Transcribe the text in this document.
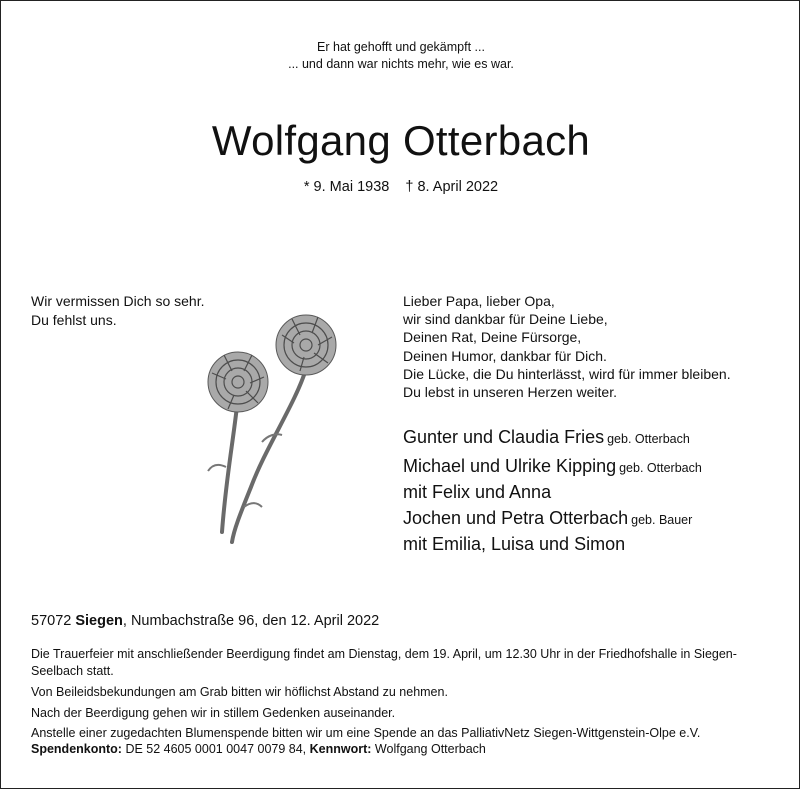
Er hat gehofft und gekämpft ...
... und dann war nichts mehr, wie es war.
Wolfgang Otterbach
* 9. Mai 1938 † 8. April 2022
Wir vermissen Dich so sehr.
Du fehlst uns.
Lieber Papa, lieber Opa,
wir sind dankbar für Deine Liebe,
Deinen Rat, Deine Fürsorge,
Deinen Humor, dankbar für Dich.
Die Lücke, die Du hinterlässt, wird für immer bleiben.
Du lebst in unseren Herzen weiter.
Gunter und Claudia Fries geb. Otterbach
Michael und Ulrike Kipping geb. Otterbach
mit Felix und Anna
Jochen und Petra Otterbach geb. Bauer
mit Emilia, Luisa und Simon
57072 Siegen, Numbachstraße 96, den 12. April 2022
Die Trauerfeier mit anschließender Beerdigung findet am Dienstag, dem 19. April, um 12.30 Uhr in der Friedhofshalle in Siegen-Seelbach statt.
Von Beileidsbekundungen am Grab bitten wir höflichst Abstand zu nehmen.
Nach der Beerdigung gehen wir in stillem Gedenken auseinander.
Anstelle einer zugedachten Blumenspende bitten wir um eine Spende an das PalliativNetz Siegen-Wittgenstein-Olpe e.V.
Spendenkonto: DE 52 4605 0001 0047 0079 84, Kennwort: Wolfgang Otterbach
